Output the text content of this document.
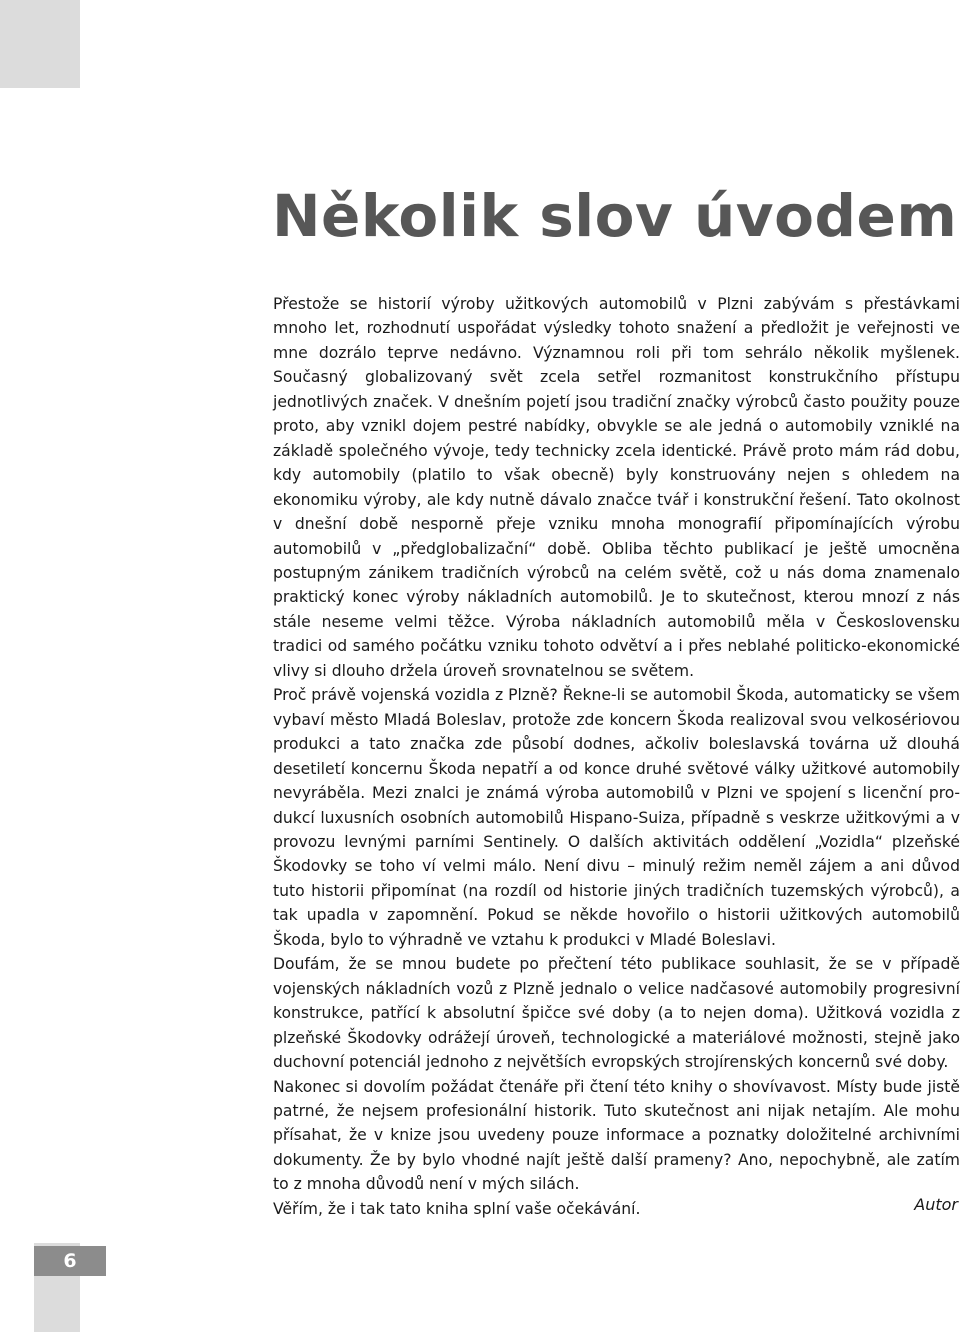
Několik slov úvodem

Přestože se historií výroby užitkových automobilů v Plzni zabývám s přestávkami mnoho let, rozhodnutí uspořádat výsledky tohoto snažení a předložit je veřejnosti ve mne dozrálo teprve nedávno. Významnou roli při tom sehrálo několik myšlenek. Současný globalizovaný svět zcela setřel rozmanitost konstrukčního přístupu jednotlivých značek. V dnešním pojetí jsou tradiční značky výrobců často použity pouze proto, aby vznikl dojem pestré nabídky, obvykle se ale jedná o automobily vzniklé na základě společného vývoje, tedy technicky zcela identické. Právě proto mám rád dobu, kdy automobily (platilo to však obecně) byly konstruovány nejen s ohledem na ekonomiku výroby, ale kdy nutně dávalo značce tvář i konstrukční řešení. Tato okolnost v dnešní době nesporně přeje vzniku mnoha monografií připomínajících výrobu automobilů v „předglobalizační“ době. Obliba těchto publikací je ještě umocněna postupným zánikem tradičních výrobců na celém světě, což u nás doma znamenalo praktický konec výroby nákladních automobilů. Je to skutečnost, kterou mnozí z nás stále neseme velmi těžce. Výroba nákladních automobilů měla v Československu tradici od samého počátku vzniku tohoto odvětví a i přes neblahé politicko-ekonomické vlivy si dlouho držela úroveň srovnatelnou se světem.

Proč právě vojenská vozidla z Plzně? Řekne-li se automobil Škoda, automaticky se všem vybaví město Mladá Boleslav, protože zde koncern Škoda realizoval svou velkosériovou produkci a tato značka zde působí dodnes, ačkoliv boleslavská továrna už dlouhá desetiletí koncernu Škoda nepatří a od konce druhé světové války užitkové automobily nevyráběla. Mezi znalci je známá výroba automobilů v Plzni ve spojení s licenční produkcí luxusních osobních automobilů Hispano-Suiza, případně s veskrze užitkovými a v provozu levnými parními Sentinely. O dalších aktivitách oddělení „Vozidla“ plzeňské Škodovky se toho ví velmi málo. Není divu – minulý režim neměl zájem a ani důvod tuto historii připomínat (na rozdíl od historie jiných tradičních tuzemských výrobců), a tak upadla v zapomnění. Pokud se někde hovořilo o historii užitkových automobilů Škoda, bylo to výhradně ve vztahu k produkci v Mladé Boleslavi.

Doufám, že se mnou budete po přečtení této publikace souhlasit, že se v případě vojenských nákladních vozů z Plzně jednalo o velice nadčasové automobily progresivní konstrukce, patřící k absolutní špičce své doby (a to nejen doma). Užitková vozidla z plzeňské Škodovky odrážejí úroveň, technologické a materiálové možnosti, stejně jako duchovní potenciál jednoho z největších evropských strojírenských koncernů své doby.

Nakonec si dovolím požádat čtenáře při čtení této knihy o shovívavost. Místy bude jistě patrné, že nejsem profesionální historik. Tuto skutečnost ani nijak netajím. Ale mohu přísahat, že v knize jsou uvedeny pouze informace a poznatky doložitelné archivními dokumenty. Že by bylo vhodné najít ještě další prameny? Ano, nepochybně, ale zatím to z mnoha důvodů není v mých silách.

Věřím, že i tak tato kniha splní vaše očekávání.	Autor
6
